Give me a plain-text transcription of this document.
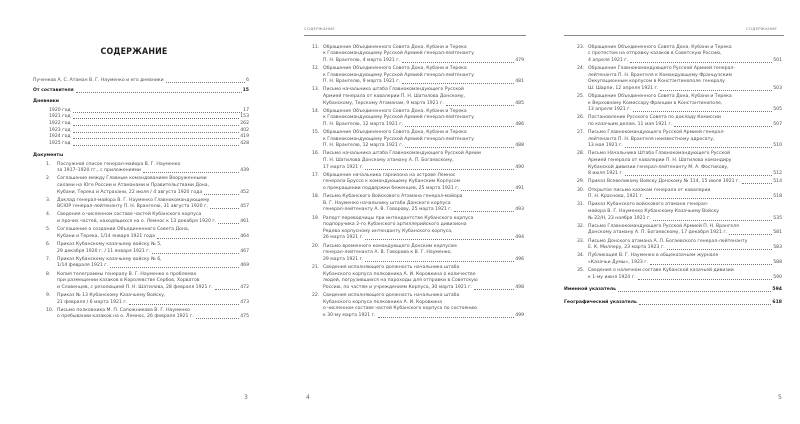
СОДЕРЖАНИЕ
Пученков А. С. Атаман В. Г. Науменко и его дневники	6
От составителя	15
Дневники
1920 год	17
1921 год	153
1922 год	262
1923 год	402
1924 год	419
1925 год	428
Документы
1.	Послужной список генерал-майора В. Г. Науменко
за 1917–1920 гг., с приложениями	439
2.	Соглашение между Главным командованием Вооруженными
силами на Юге России и Атаманами и Правительствами Дона,
Кубани, Терека и Астрахани, 22 июля / 4 августа 1920 года	452
3.	Доклад генерал-майора В. Г. Науменко Главнокомандующему
ВСЮР генерал-лейтенанту П. Н. Врангелю, 31 августа 1920 г.	457
4.	Сведения о численном составе частей Кубанского корпуса
и прочих частей, находящихся на о. Лемнос к 13 декабря 1920 г.	461
5.	Соглашение о создании Объединенного Совета Дона,
Кубани и Терека, 1/14 января 1921 года	464
6.	Приказ Кубанскому казачьему войску № 5,
29 декабря 1920 г. / 11 января 1921 г.	467
7.	Приказ Кубанскому казачьему войску № 6,
1/14 февраля 1921 г.	469
8.	Копия телеграммы генералу В. Г. Науменко о проблемах
при размещении казаков в Королевстве Сербов, Хорватов
и Словенцев, с резолюцией П. Н. Шатилова, 28 февраля 1921 г.	472
9.	Приказ № 13 Кубанскому Казачьему Войску,
21 февраля / 6 марта 1921 г.	473
10. Письмо полковника М. П. Сапожникова В. Г. Науменко
о пребывании казаков на о. Лемнос, 26 февраля 1921 г.	475
3
СОДЕРЖАНИЕ
11. Обращение Объединенного Совета Дона, Кубани и Терека
к Главнокомандующему Русской Армией генерал-лейтенанту
П. Н. Врангелю, 4 марта 1921 г.	479
12. Обращение Объединенного Совета Дона, Кубани и Терека
к Главнокомандующему Русской Армией генерал-лейтенанту
П. Н. Врангелю, 9 марта 1921 г.	481
13. Письмо начальника штаба Главнокомандующего Русской
Армией генерала от кавалерии П. Н. Шатилова Донскому,
Кубанскому, Терскому Атаманам, 9 марта 1921 г.	485
14. Обращение Объединенного Совета Дона, Кубани и Терека
к Главнокомандующему Русской Армией генерал-лейтенанту
П. Н. Врангелю, 12 марта 1921 г.	486
15. Обращение Объединенного Совета Дона, Кубани и Терека
к Главнокомандующему Русской Армией генерал-лейтенанту
П. Н. Врангелю, 12 марта 1921 г.	488
16. Письмо начальника штаба Главнокомандующего Русской Армии
П. Н. Шатилова Донскому атаману А. П. Богаевскому,
17 марта 1921 г.	490
17. Обращение начальника гарнизона на острове Лемнос
генерала Бруссо к командующему Кубанским Корпусом
о прекращении поддержки беженцев, 25 марта 1921 г.	491
18. Письмо Кубанского Войскового Атамана генерал-майора
В. Г. Науменко начальнику штаба Донского корпуса
генерал-лейтенанту А. В. Говорову, 25 марта 1921 г.	493
19. Рапорт переводчицы при интендантстве Кубанского корпуса
подпоручика 2-го Кубанского артиллерийского дивизиона
Рядева корпусному интенданту Кубанского корпуса,
26 марта 1921 г.	494
20. Письмо временного командующего Донским корпусом
генерал-лейтенанта А. В. Говорова к В. Г. Науменко,
29 марта 1921 г.	496
21. Сведения исполняющего должность начальника штаба
Кубанского корпуса полковника А. И. Коровкина о количестве
людей, погрузившихся на пароходы для отправки в Советскую
Россию, по частям и учреждениям Корпуса, 30 марта 1921 г.	498
22. Сведения исполняющего должность начальника штаба
Кубанского корпуса полковника А. И. Коровкина
о численном составе частей Кубанского корпуса по состоянию
к 30-му марта 1921 г.	499
4
СОДЕРЖАНИЕ
23. Обращение Объединенного Совета Дона, Кубани и Терека
с протестом на отправку казаков в Советскую Россию,
4 апреля 1921 г.	501
24. Обращение Главнокомандующего Русской Армией генерал-
лейтенанта П. Н. Врангеля к Командующему Французским
Оккупационным корпусом в Константинополе генералу
Ш. Шарпи, 12 апреля 1921 г.	503
25. Обращение Объединенного Совета Дона, Кубани и Терека
к Верховному Комиссару Франции в Константинополе,
13 апреля 1921 г.	505
26. Постановление Русского Совета по докладу Комиссии
по казачьим делам, 11 мая 1921 г.	507
27. Письмо Главнокомандующего Русской Армией генерал-
лейтенанта П. Н. Врангеля неизвестному адресату,
13 мая 1921 г.	510
28. Письмо Начальника Штаба Главнокомандующего Русской
Армией генерала от кавалерии П. Н. Шатилова командиру
Кубанской дивизии генерал-лейтенанту М. А. Фостикову,
8 июля 1921 г.	512
29. Приказ Всевеликому Войску Донскому № 114, 15 июля 1921 г.	514
30. Открытое письмо казакам генерала от кавалерии
П. Н. Краснова, 1921 г.	518
31. Приказ Кубанского войскового атамана генерал-
майора В. Г. Науменко Кубанскому Казачьему Войску
№ 22/Н, 23 ноября 1921 г.	535
32. Письмо Главнокомандующего Русской Армией П. Н. Врангеля
Донскому атаману А. П. Богаевскому, 17 декабря 1921 г.	581
33. Письмо Донского атамана А. П. Богаевского генерал-лейтенанту
Е. К. Миллеру, 23 марта 1923 г.	583
34. Публикация В. Г. Науменко в общеказачьем журнале
«Казачьи Думы», 1923 г.	588
35. Сведения о наличном составе Кубанской казачьей дивизии
к 1-му июня 1924 г.	590
Именной указатель	594
Географический указатель	618
5
